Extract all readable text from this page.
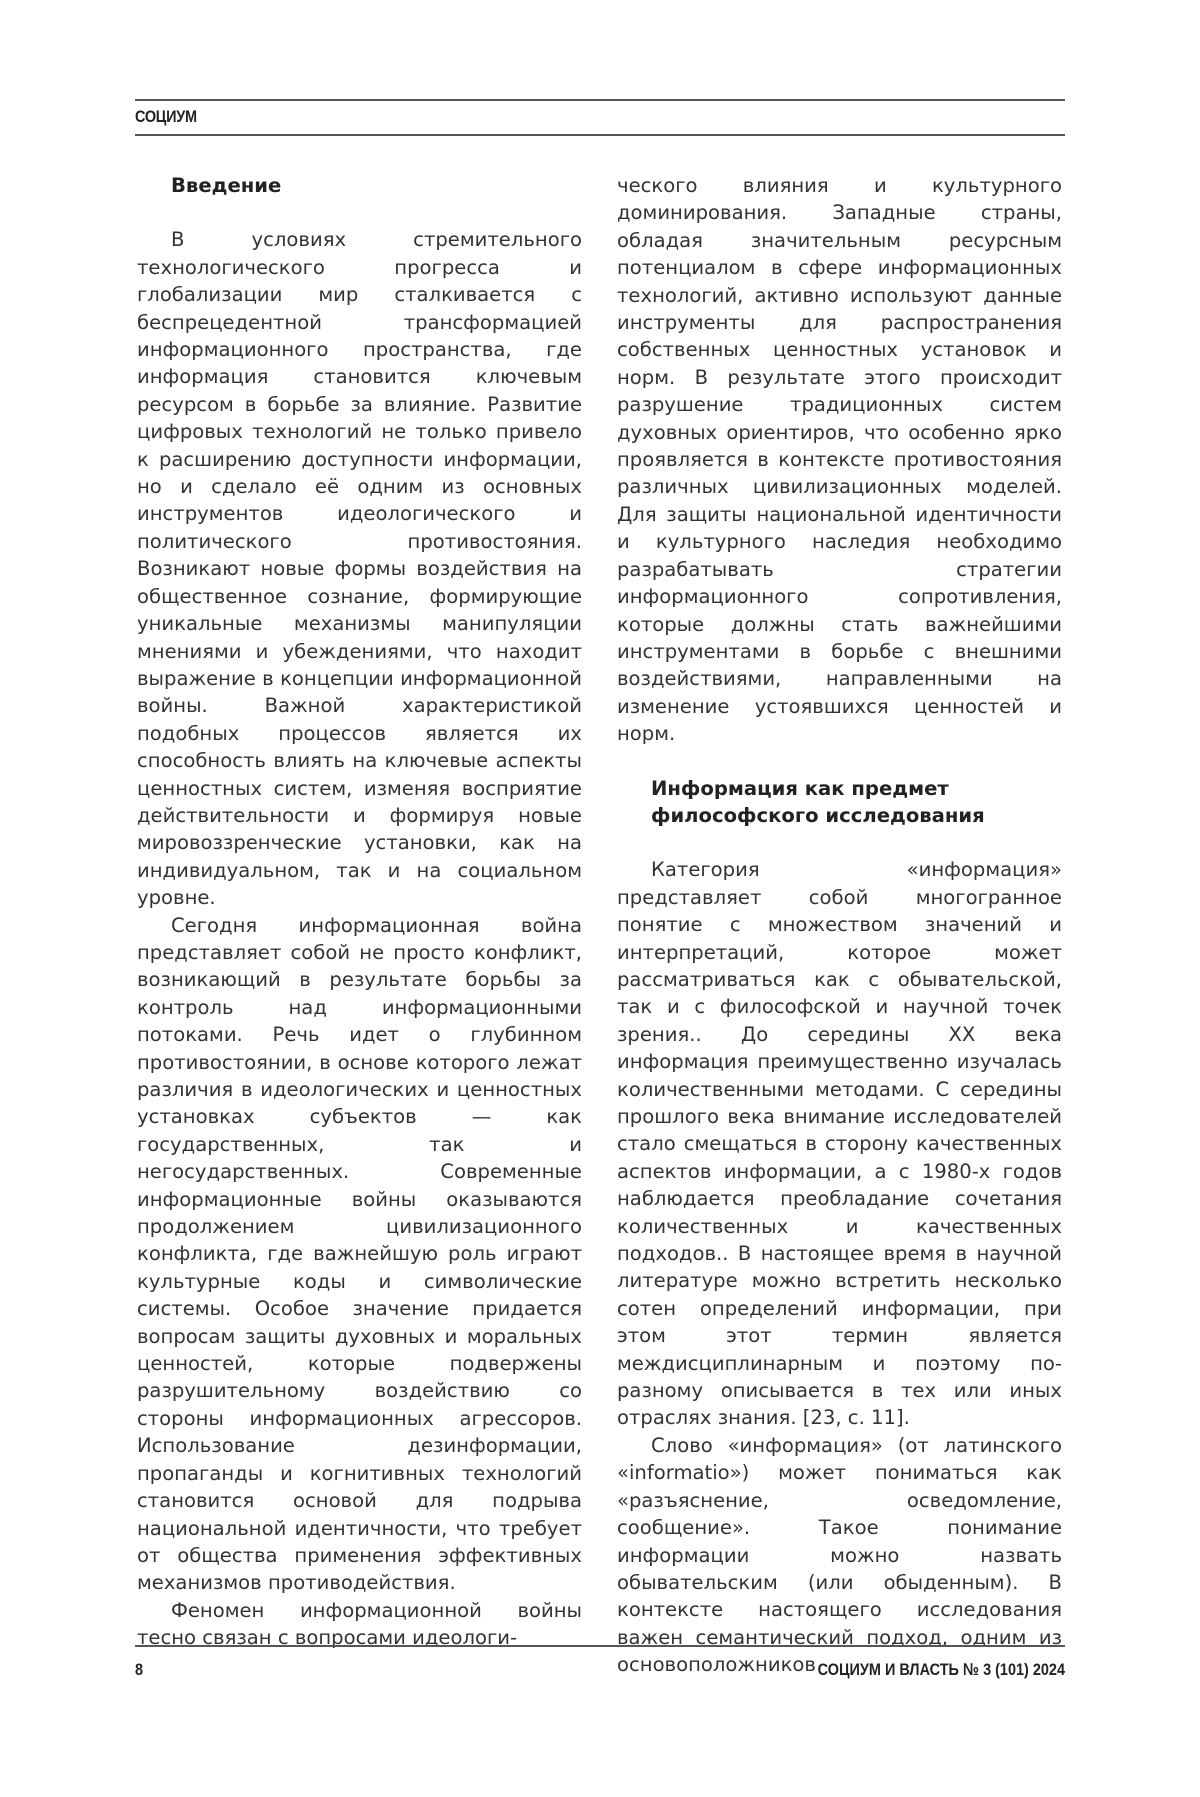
СОЦИУМ
Введение

В условиях стремительного технологического прогресса и глобализации мир сталкивается с беспрецедентной трансформацией информационного пространства, где информация становится ключевым ресурсом в борьбе за влияние. Развитие цифровых технологий не только привело к расширению доступности информации, но и сделало её одним из основных инструментов идеологического и политического противостояния. Возникают новые формы воздействия на общественное сознание, формирующие уникальные механизмы манипуляции мнениями и убеждениями, что находит выражение в концепции информационной войны. Важной характеристикой подобных процессов является их способность влиять на ключевые аспекты ценностных систем, изменяя восприятие действительности и формируя новые мировоззренческие установки, как на индивидуальном, так и на социальном уровне.

Сегодня информационная война представляет собой не просто конфликт, возникающий в результате борьбы за контроль над информационными потоками. Речь идет о глубинном противостоянии, в основе которого лежат различия в идеологических и ценностных установках субъектов — как государственных, так и негосударственных. Современные информационные войны оказываются продолжением цивилизационного конфликта, где важнейшую роль играют культурные коды и символические системы. Особое значение придается вопросам защиты духовных и моральных ценностей, которые подвержены разрушительному воздействию со стороны информационных агрессоров. Использование дезинформации, пропаганды и когнитивных технологий становится основой для подрыва национальной идентичности, что требует от общества применения эффективных механизмов противодействия.

Феномен информационной войны тесно связан с вопросами идеологи-

ческого влияния и культурного доминирования. Западные страны, обладая значительным ресурсным потенциалом в сфере информационных технологий, активно используют данные инструменты для распространения собственных ценностных установок и норм. В результате этого происходит разрушение традиционных систем духовных ориентиров, что особенно ярко проявляется в контексте противостояния различных цивилизационных моделей. Для защиты национальной идентичности и культурного наследия необходимо разрабатывать стратегии информационного сопротивления, которые должны стать важнейшими инструментами в борьбе с внешними воздействиями, направленными на изменение устоявшихся ценностей и норм.

Информация как предмет
философского исследования

Категория «информация» представляет собой многогранное понятие с множеством значений и интерпретаций, которое может рассматриваться как с обывательской, так и с философской и научной точек зрения.. До середины XX века информация преимущественно изучалась количественными методами. С середины прошлого века внимание исследователей стало смещаться в сторону качественных аспектов информации, а с 1980-х годов наблюдается преобладание сочетания количественных и качественных подходов.. В настоящее время в научной литературе можно встретить несколько сотен определений информации, при этом этот термин является междисциплинарным и поэтому по-разному описывается в тех или иных отраслях знания. [23, с. 11].

Слово «информация» (от латинского «informatio») может пониматься как «разъяснение, осведомление, сообщение». Такое понимание информации можно назвать обывательским (или обыденным). В контексте настоящего исследования важен семантический подход, одним из основоположников

8	СОЦИУМ И ВЛАСТЬ № 3 (101) 2024
